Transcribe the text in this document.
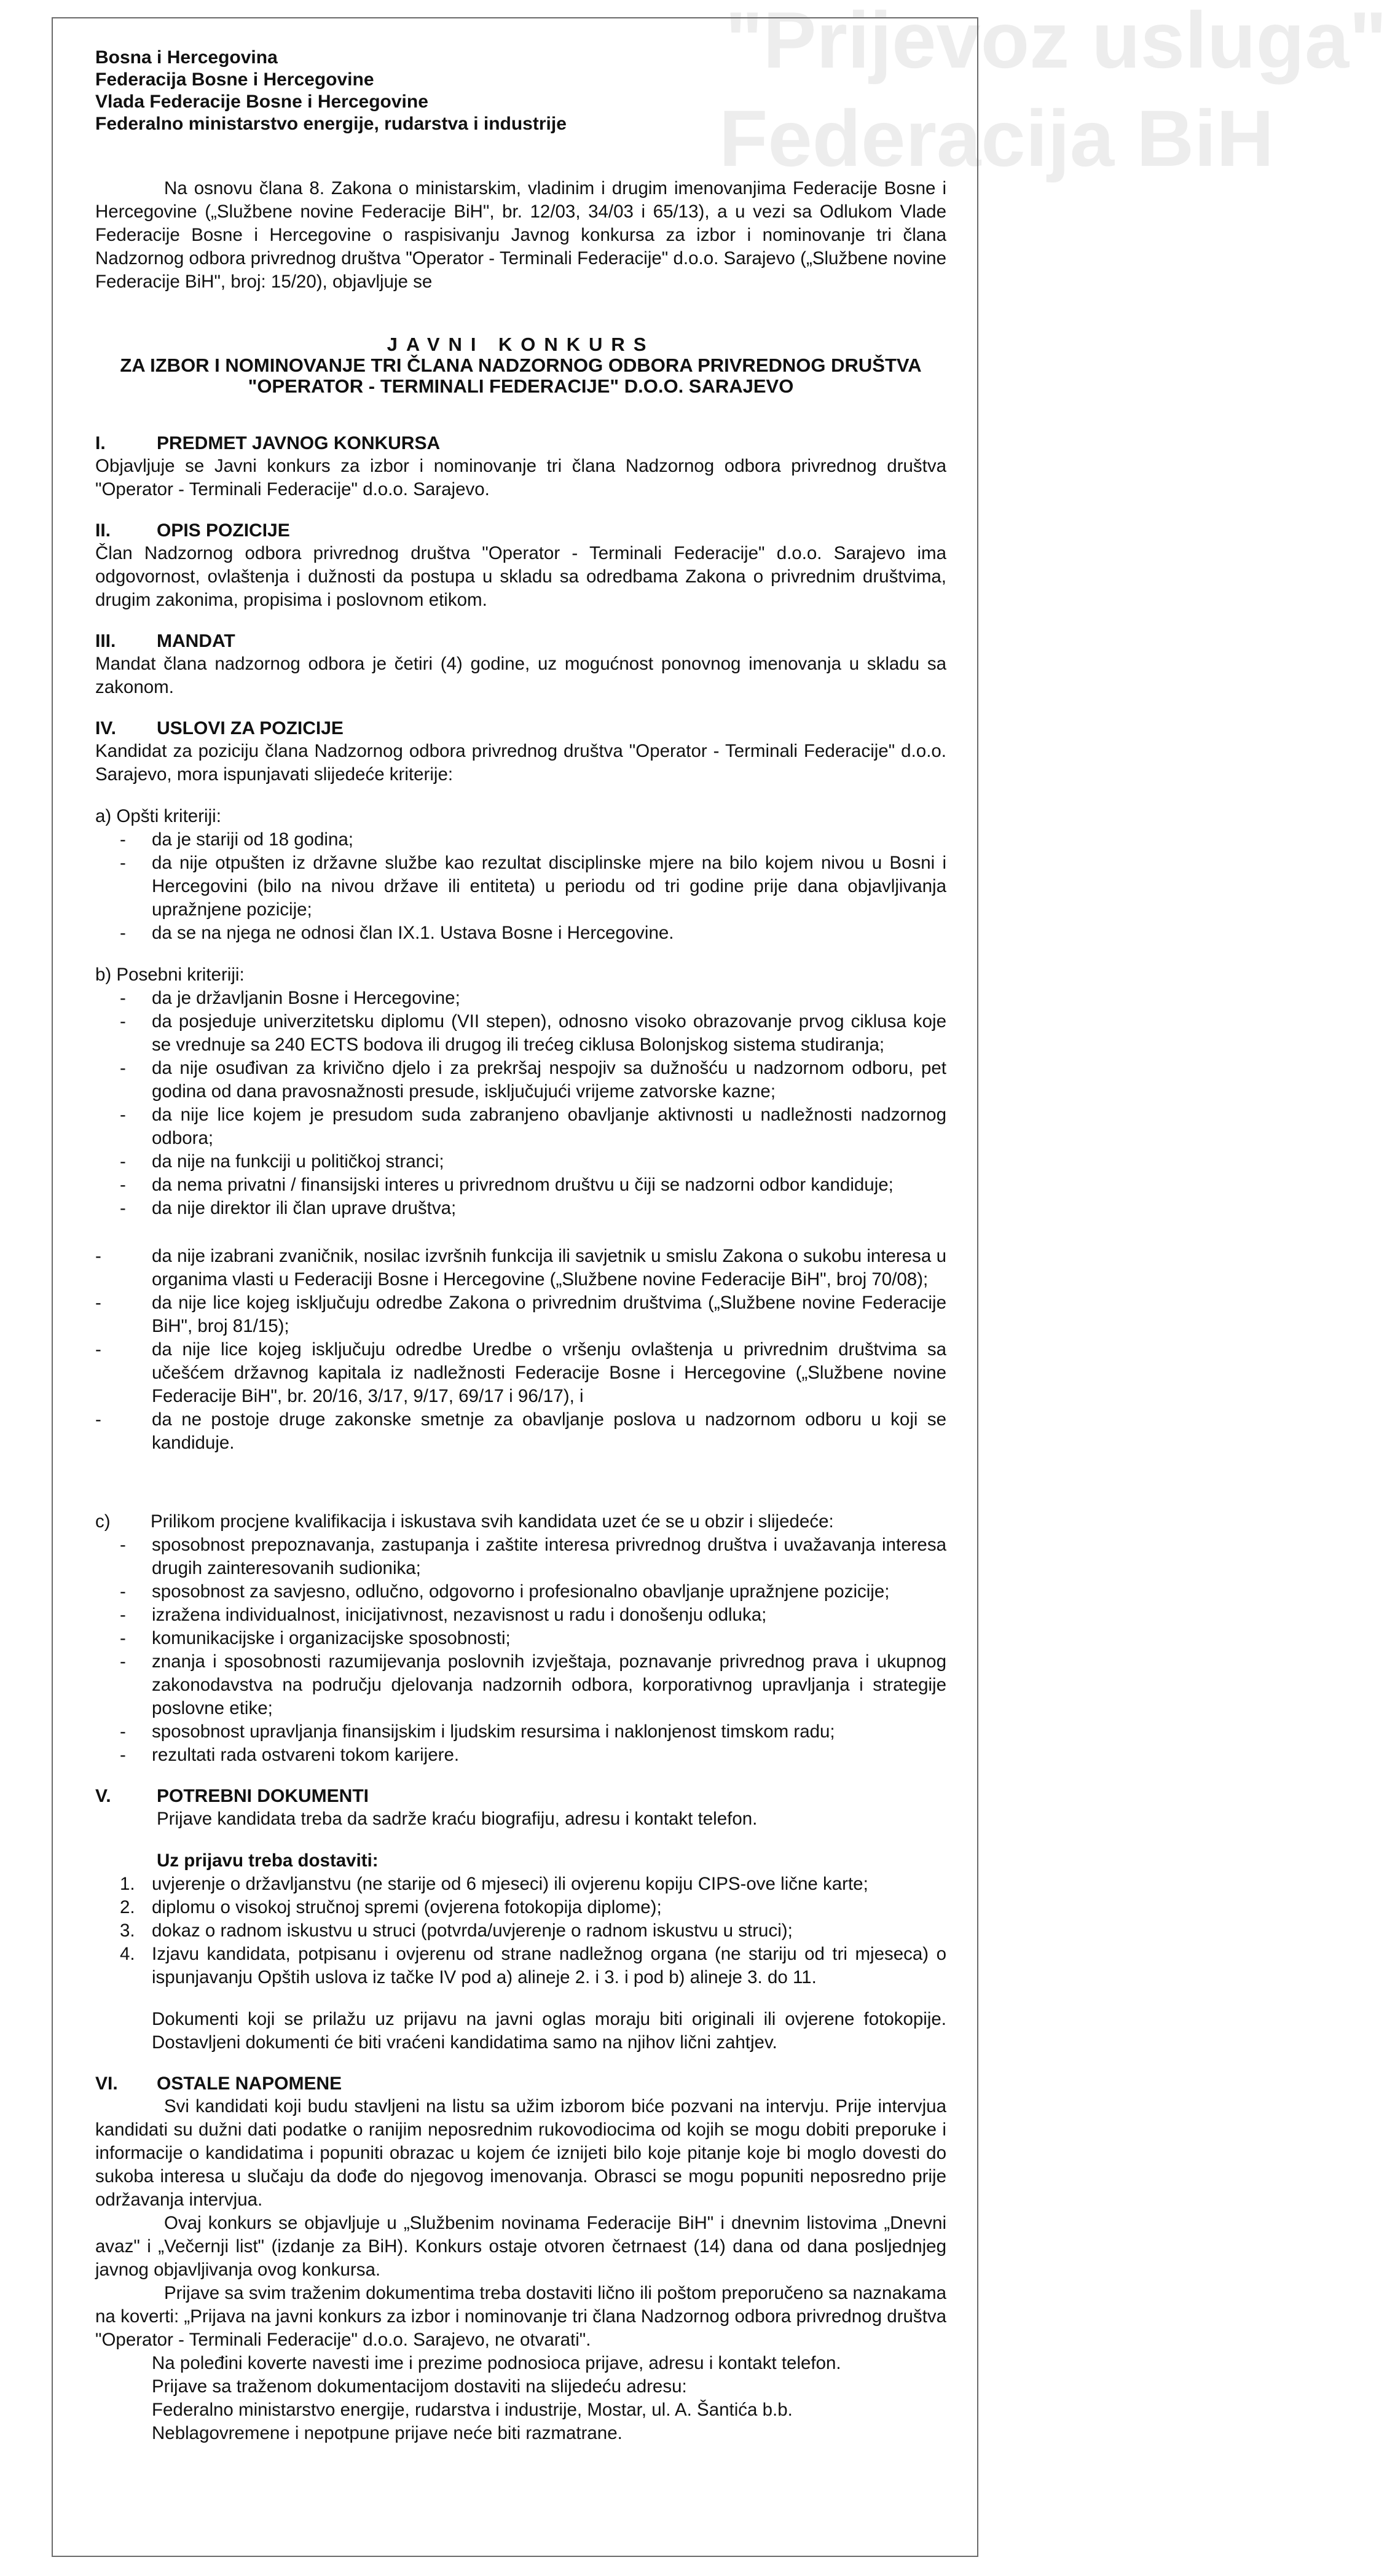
"Prijevoz usluga"
Federacija BiH

Bosna i Hercegovina

Federacija Bosne i Hercegovine

Vlada Federacije Bosne i Hercegovine

Federalno ministarstvo energije, rudarstva i industrije

Na osnovu člana 8. Zakona o ministarskim, vladinim i drugim imenovanjima Federacije Bosne i Hercegovine („Službene novine Federacije BiH", br. 12/03, 34/03 i 65/13), a u vezi sa Odlukom Vlade Federacije Bosne i Hercegovine o raspisivanju Javnog konkursa za izbor i nominovanje tri člana Nadzornog odbora privrednog društva "Operator - Terminali Federacije" d.o.o. Sarajevo („Službene novine Federacije BiH", broj: 15/20), objavljuje se

JAVNI KONKURS

ZA IZBOR I NOMINOVANJE TRI ČLANA NADZORNOG ODBORA PRIVREDNOG DRUŠTVA

"OPERATOR - TERMINALI FEDERACIJE" D.O.O. SARAJEVO

I.	PREDMET JAVNOG KONKURSA

Objavljuje se Javni konkurs za izbor i nominovanje tri člana Nadzornog odbora privrednog društva "Operator - Terminali Federacije" d.o.o. Sarajevo.

II.	OPIS POZICIJE

Član Nadzornog odbora privrednog društva "Operator - Terminali Federacije" d.o.o. Sarajevo ima odgovornost, ovlaštenja i dužnosti da postupa u skladu sa odredbama Zakona o privrednim društvima, drugim zakonima, propisima i poslovnom etikom.

III.	MANDAT

Mandat člana nadzornog odbora je četiri (4) godine, uz mogućnost ponovnog imenovanja u skladu sa zakonom.

IV.	USLOVI ZA POZICIJE

Kandidat za poziciju člana Nadzornog odbora privrednog društva "Operator - Terminali Federacije" d.o.o. Sarajevo, mora ispunjavati slijedeće kriterije:

a) Opšti kriteriji:

- da je stariji od 18 godina;
- da nije otpušten iz državne službe kao rezultat disciplinske mjere na bilo kojem nivou u Bosni i Hercegovini (bilo na nivou države ili entiteta) u periodu od tri godine prije dana objavljivanja upražnjene pozicije;
- da se na njega ne odnosi član IX.1. Ustava Bosne i Hercegovine.

b) Posebni kriteriji:

- da je državljanin Bosne i Hercegovine;
- da posjeduje univerzitetsku diplomu (VII stepen), odnosno visoko obrazovanje prvog ciklusa koje se vrednuje sa 240 ECTS bodova ili drugog ili trećeg ciklusa Bolonjskog sistema studiranja;
- da nije osuđivan za krivično djelo i za prekršaj nespojiv sa dužnošću u nadzornom odboru, pet godina od dana pravosnažnosti presude, isključujući vrijeme zatvorske kazne;
- da nije lice kojem je presudom suda zabranjeno obavljanje aktivnosti u nadležnosti nadzornog odbora;
- da nije na funkciji u političkoj stranci;
- da nema privatni / finansijski interes u privrednom društvu u čiji se nadzorni odbor kandiduje;
- da nije direktor ili član uprave društva;
- da nije izabrani zvaničnik, nosilac izvršnih funkcija ili savjetnik u smislu Zakona o sukobu interesa u organima vlasti u Federaciji Bosne i Hercegovine („Službene novine Federacije BiH", broj 70/08);
- da nije lice kojeg isključuju odredbe Zakona o privrednim društvima („Službene novine Federacije BiH", broj 81/15);
- da nije lice kojeg isključuju odredbe Uredbe o vršenju ovlaštenja u privrednim društvima sa učešćem državnog kapitala iz nadležnosti Federacije Bosne i Hercegovine („Službene novine Federacije BiH", br. 20/16, 3/17, 9/17, 69/17 i 96/17), i
- da ne postoje druge zakonske smetnje za obavljanje poslova u nadzornom odboru u koji se kandiduje.
c)	Prilikom procjene kvalifikacija i iskustava svih kandidata uzet će se u obzir i slijedeće:
- sposobnost prepoznavanja, zastupanja i zaštite interesa privrednog društva i uvažavanja interesa drugih zainteresovanih sudionika;
- sposobnost za savjesno, odlučno, odgovorno i profesionalno obavljanje upražnjene pozicije;
- izražena individualnost, inicijativnost, nezavisnost u radu i donošenju odluka;
- komunikacijske i organizacijske sposobnosti;
- znanja i sposobnosti razumijevanja poslovnih izvještaja, poznavanje privrednog prava i ukupnog zakonodavstva na području djelovanja nadzornih odbora, korporativnog upravljanja i strategije poslovne etike;
- sposobnost upravljanja finansijskim i ljudskim resursima i naklonjenost timskom radu;
- rezultati rada ostvareni tokom karijere.
V.	POTREBNI DOKUMENTI

Prijave kandidata treba da sadrže kraću biografiju, adresu i kontakt telefon.

Uz prijavu treba dostaviti:

1. uvjerenje o državljanstvu (ne starije od 6 mjeseci) ili ovjerenu kopiju CIPS-ove lične karte;
2. diplomu o visokoj stručnoj spremi (ovjerena fotokopija diplome);
3. dokaz o radnom iskustvu u struci (potvrda/uvjerenje o radnom iskustvu u struci);
4. Izjavu kandidata, potpisanu i ovjerenu od strane nadležnog organa (ne stariju od tri mjeseca) o ispunjavanju Opštih uslova iz tačke IV pod a) alineje 2. i 3. i pod b) alineje 3. do 11.

Dokumenti koji se prilažu uz prijavu na javni oglas moraju biti originali ili ovjerene fotokopije. Dostavljeni dokumenti će biti vraćeni kandidatima samo na njihov lični zahtjev.

VI.	OSTALE NAPOMENE

Svi kandidati koji budu stavljeni na listu sa užim izborom biće pozvani na intervju. Prije intervjua kandidati su dužni dati podatke o ranijim neposrednim rukovodiocima od kojih se mogu dobiti preporuke i informacije o kandidatima i popuniti obrazac u kojem će iznijeti bilo koje pitanje koje bi moglo dovesti do sukoba interesa u slučaju da dođe do njegovog imenovanja. Obrasci se mogu popuniti neposredno prije održavanja intervjua.

Ovaj konkurs se objavljuje u „Službenim novinama Federacije BiH" i dnevnim listovima „Dnevni avaz" i „Večernji list" (izdanje za BiH). Konkurs ostaje otvoren četrnaest (14) dana od dana posljednjeg javnog objavljivanja ovog konkursa.

Prijave sa svim traženim dokumentima treba dostaviti lično ili poštom preporučeno sa naznakama na koverti: „Prijava na javni konkurs za izbor i nominovanje tri člana Nadzornog odbora privrednog društva "Operator - Terminali Federacije" d.o.o. Sarajevo, ne otvarati".

Na poleđini koverte navesti ime i prezime podnosioca prijave, adresu i kontakt telefon.

Prijave sa traženom dokumentacijom dostaviti na slijedeću adresu:

Federalno ministarstvo energije, rudarstva i industrije, Mostar, ul. A. Šantića b.b.

Neblagovremene i nepotpune prijave neće biti razmatrane.
